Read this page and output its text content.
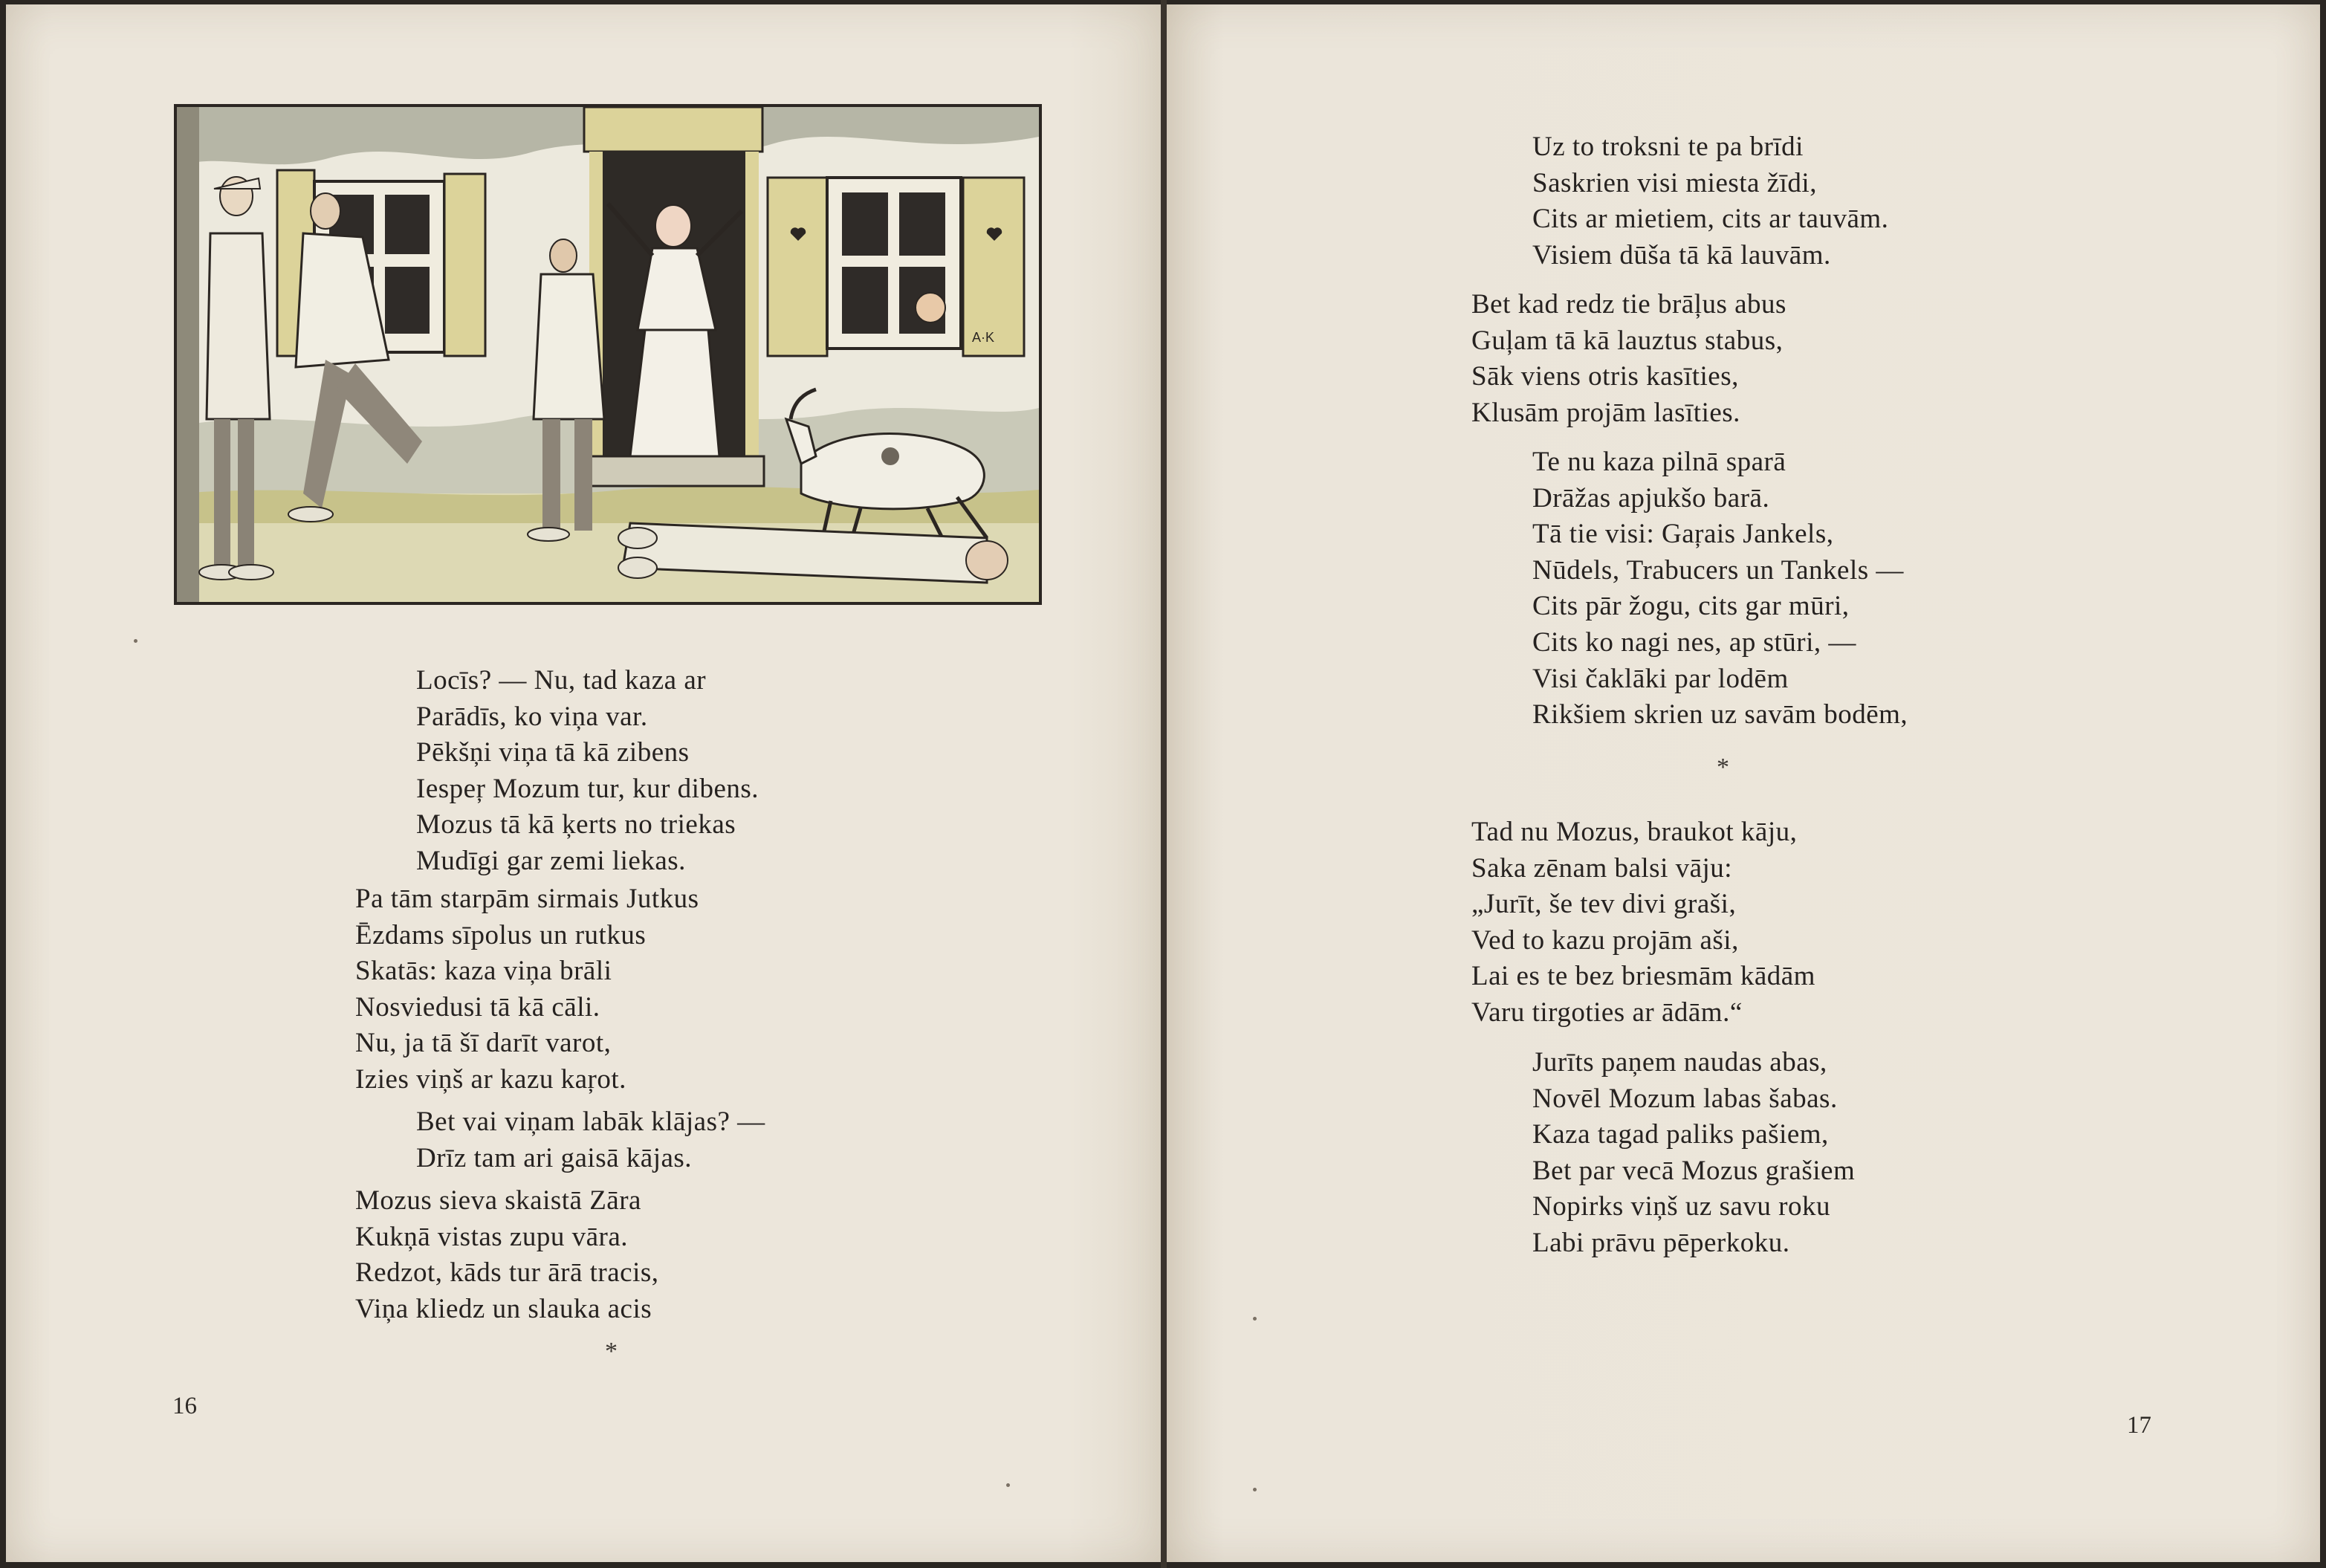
A·K
Locīs? — Nu, tad kaza ar
Parādīs, ko viņa var.
Pēkšņi viņa tā kā zibens
Iespeŗ Mozum tur, kur dibens.
Mozus tā kā ķerts no triekas
Mudīgi gar zemi liekas.
Pa tām starpām sirmais Jutkus
Ēzdams sīpolus un rutkus
Skatās: kaza viņa brāli
Nosviedusi tā kā cāli.
Nu, ja tā šī darīt varot,
Izies viņš ar kazu kaŗot.
Bet vai viņam labāk klājas? —
Drīz tam ari gaisā kājas.
Mozus sieva skaistā Zāra
Kukņā vistas zupu vāra.
Redzot, kāds tur ārā tracis,
Viņa kliedz un slauka acis
*
16
Uz to troksni te pa brīdi
Saskrien visi miesta žīdi,
Cits ar mietiem, cits ar tauvām.
Visiem dūša tā kā lauvām.
Bet kad redz tie brāļus abus
Guļam tā kā lauztus stabus,
Sāk viens otris kasīties,
Klusām projām lasīties.
Te nu kaza pilnā sparā
Drāžas apjukšo barā.
Tā tie visi: Gaŗais Jankels,
Nūdels, Trabucers un Tankels —
Cits pār žogu, cits gar mūri,
Cits ko nagi nes, ap stūri, —
Visi čaklāki par lodēm
Rikšiem skrien uz savām bodēm,
*
Tad nu Mozus, braukot kāju,
Saka zēnam balsi vāju:
„Jurīt, še tev divi graši,
Ved to kazu projām aši,
Lai es te bez briesmām kādām
Varu tirgoties ar ādām.“
Jurīts paņem naudas abas,
Novēl Mozum labas šabas.
Kaza tagad paliks pašiem,
Bet par vecā Mozus grašiem
Nopirks viņš uz savu roku
Labi prāvu pēperkoku.
17
